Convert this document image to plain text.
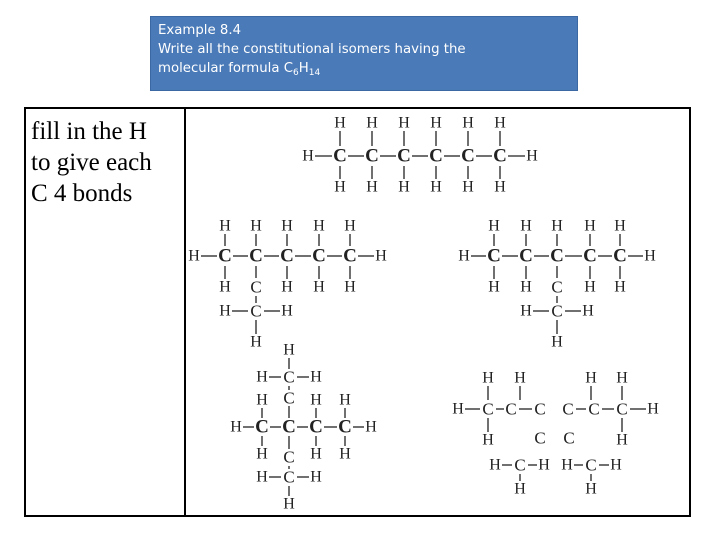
Example 8.4
Write all the constitutional isomers having the
molecular formula $C_6H_{14}$
fill in the H
to give each
C 4 bonds
C
H
H
C
H
H
C
H
H
C
H
H
C
H
H
C
H
H
H	H
C
H
C
H
C
H
C
H
C
H
H	H
H	H H H
C
C
H	H
H
C
H
C
H
C
H
C
H
C
H
H	H
H H	H H
C
C
H	H
H
H
C
H	H
C
C C C C
H	H H
H	H
H	H H
C
C
H	H
H
H C C C C C C H
H H	H H
H	H
C C
C
H H
H
C
H H
H
